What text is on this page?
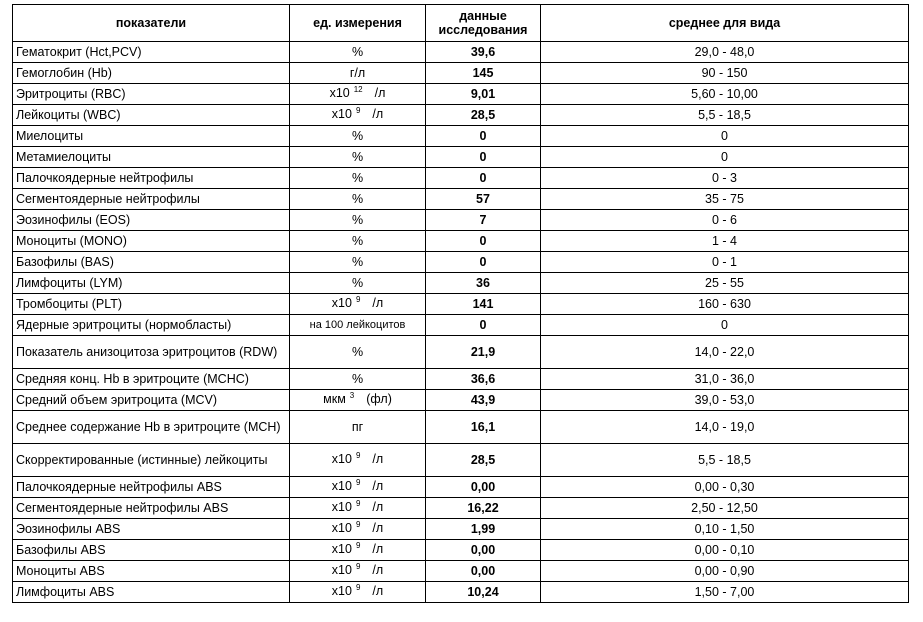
показатели	ед. измерения	данные исследования	среднее для вида
Гематокрит (Hct,PCV)	%	39,6	29,0 - 48,0
Гемоглобин (Hb)	г/л	145	90 - 150
Эритроциты (RBC)	x10 $^{12}$ /л	9,01	5,60 - 10,00
Лейкоциты (WBC)	x10 $^9$ /л	28,5	5,5 - 18,5
Миелоциты	%	0	0
Метамиелоциты	%	0	0
Палочкоядерные нейтрофилы	%	0	0 - 3
Сегментоядерные нейтрофилы	%	57	35 - 75
Эозинофилы (EOS)	%	7	0 - 6
Моноциты (MONO)	%	0	1 - 4
Базофилы (BAS)	%	0	0 - 1
Лимфоциты (LYM)	%	36	25 - 55
Тромбоциты (PLT)	x10 $^9$ /л	141	160 - 630
Ядерные эритроциты (нормобласты)	на 100 лейкоцитов	0	0
Показатель анизоцитоза эритроцитов (RDW)	%	21,9	14,0 - 22,0
Средняя конц. Hb в эритроците (MCHC)	%	36,6	31,0 - 36,0
Средний объем эритроцита (MCV)	мкм $^3$ (фл)	43,9	39,0 - 53,0
Среднее содержание Hb в эритроците (MCH)	пг	16,1	14,0 - 19,0
Скорректированные (истинные) лейкоциты	x10 $^9$ /л	28,5	5,5 - 18,5
Палочкоядерные нейтрофилы ABS	x10 $^9$ /л	0,00	0,00 - 0,30
Сегментоядерные нейтрофилы ABS	x10 $^9$ /л	16,22	2,50 - 12,50
Эозинофилы ABS	x10 $^9$ /л	1,99	0,10 - 1,50
Базофилы ABS	x10 $^9$ /л	0,00	0,00 - 0,10
Моноциты ABS	x10 $^9$ /л	0,00	0,00 - 0,90
Лимфоциты ABS	x10 $^9$ /л	10,24	1,50 - 7,00
